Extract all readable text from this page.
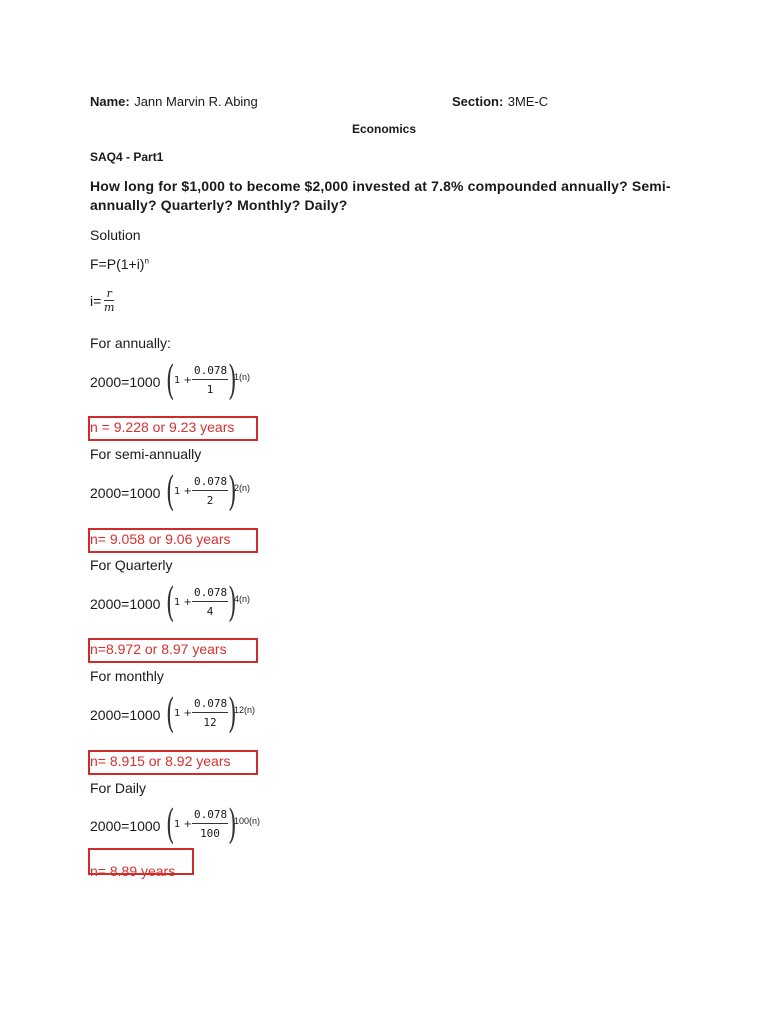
Name: Jann Marvin R. Abing	Section: 3ME-C
Economics
SAQ4 - Part1
How long for $1,000 to become $2,000 invested at 7.8% compounded annually? Semi-annually? Quarterly? Monthly? Daily?
Solution
$F=P(1+i)^n$
$i= \frac{r}{m}$
For annually:
2000=1000 ( $1 + \frac{0.078}{1}$ )
1(n)
n = 9.228 or 9.23 years
For semi-annually
2000=1000 ( $1 + \frac{0.078}{2}$ )
2(n)
n= 9.058 or 9.06 years
For Quarterly
2000=1000 ( $1 + \frac{0.078}{4}$ )
4(n)
n=8.972 or 8.97 years
For monthly
2000=1000 ( $1 + \frac{0.078}{12}$ )
12(n)
n= 8.915 or 8.92 years
For Daily
2000=1000 ( $1 + \frac{0.078}{100}$ )
100(n)
n= 8.89 years
